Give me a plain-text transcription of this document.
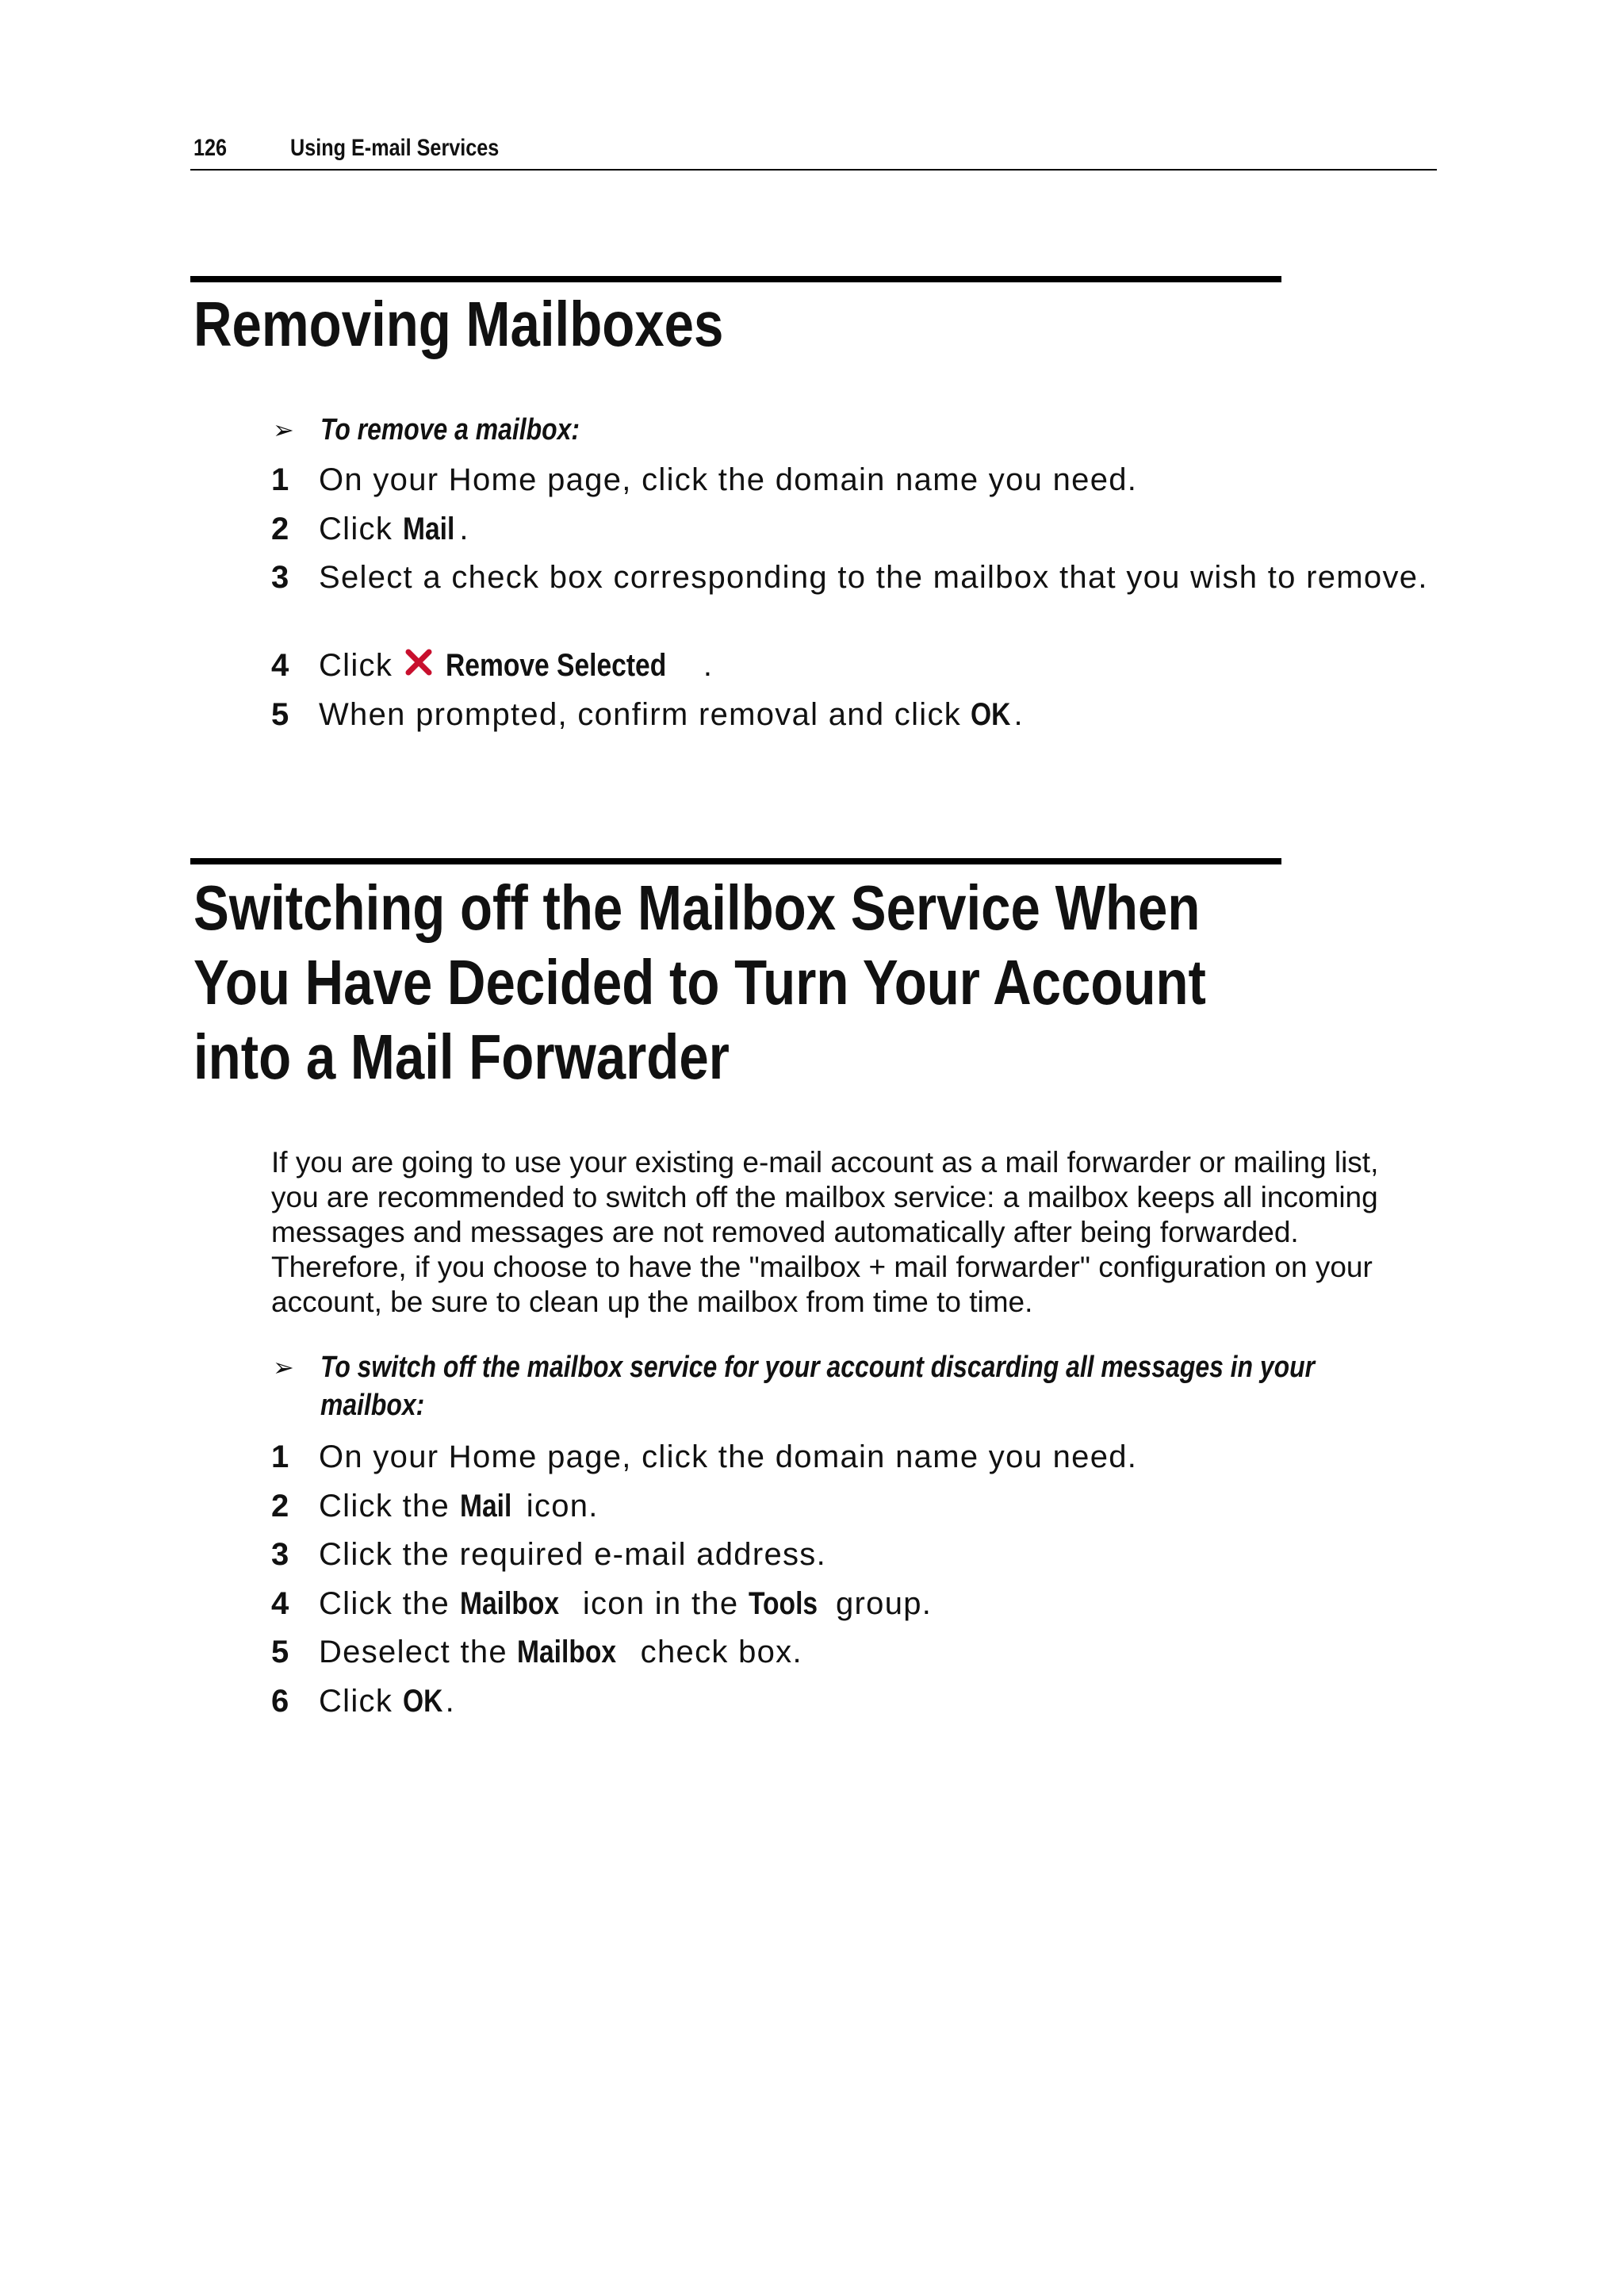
126	Using E-mail Services
Removing Mailboxes
➢ To remove a mailbox:
1 On your Home page, click the domain name you need.
2 Click Mail .
3 Select a check box corresponding to the mailbox that you wish to remove.
4 Click Remove Selected .
5 When prompted, confirm removal and click OK.
Switching off the Mailbox Service When
You Have Decided to Turn Your Account
into a Mail Forwarder

If you are going to use your existing e-mail account as a mail forwarder or mailing list, you are recommended to switch off the mailbox service: a mailbox keeps all incoming messages and messages are not removed automatically after being forwarded. Therefore, if you choose to have the "mailbox + mail forwarder" configuration on your account, be sure to clean up the mailbox from time to time.

➢ To switch off the mailbox service for your account discarding all messages in your
mailbox:
1 On your Home page, click the domain name you need.
2 Click the Mail icon.
3 Click the required e-mail address.
4 Click the Mailbox icon in the Tools group.
5 Deselect the Mailbox check box.
6 Click OK.
